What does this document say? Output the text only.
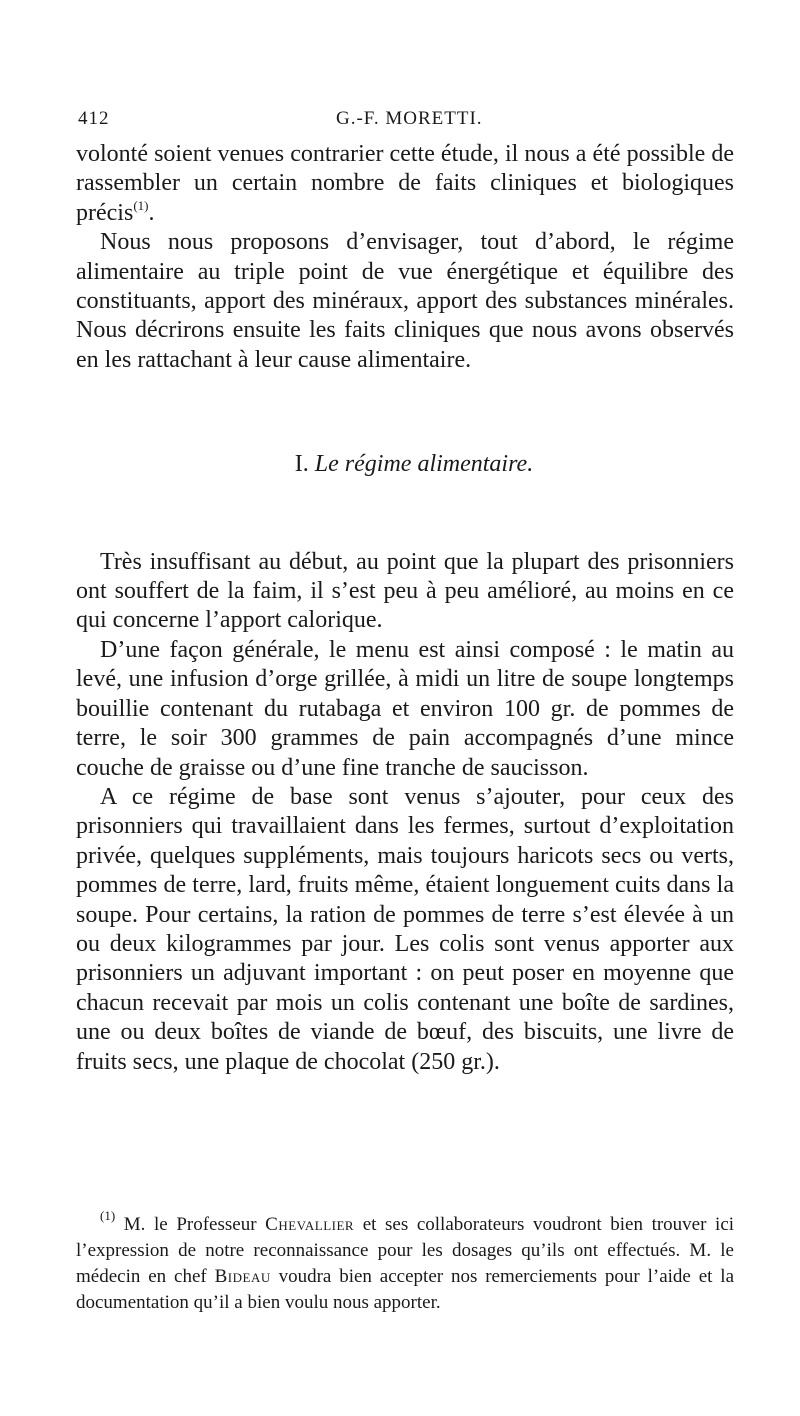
412	G.-F. MORETTI.

volonté soient venues contrarier cette étude, il nous a été possible de rassembler un certain nombre de faits cliniques et biologiques précis$^{(1)}$.

Nous nous proposons d’envisager, tout d’abord, le régime alimentaire au triple point de vue énergétique et équilibre des constituants, apport des minéraux, apport des substances minérales. Nous décrirons ensuite les faits cliniques que nous avons observés en les rattachant à leur cause alimentaire.

I. Le régime alimentaire.

Très insuffisant au début, au point que la plupart des prisonniers ont souffert de la faim, il s’est peu à peu amélioré, au moins en ce qui concerne l’apport calorique.

D’une façon générale, le menu est ainsi composé : le matin au levé, une infusion d’orge grillée, à midi un litre de soupe longtemps bouillie contenant du rutabaga et environ 100 gr. de pommes de terre, le soir 300 grammes de pain accompagnés d’une mince couche de graisse ou d’une fine tranche de saucisson.

A ce régime de base sont venus s’ajouter, pour ceux des prisonniers qui travaillaient dans les fermes, surtout d’exploitation privée, quelques suppléments, mais toujours haricots secs ou verts, pommes de terre, lard, fruits même, étaient longuement cuits dans la soupe. Pour certains, la ration de pommes de terre s’est élevée à un ou deux kilogrammes par jour. Les colis sont venus apporter aux prisonniers un adjuvant important : on peut poser en moyenne que chacun recevait par mois un colis contenant une boîte de sardines, une ou deux boîtes de viande de bœuf, des biscuits, une livre de fruits secs, une plaque de chocolat (250 gr.).

$^{(1)}$ M. le Professeur Chevallier et ses collaborateurs voudront bien trouver ici l’expression de notre reconnaissance pour les dosages qu’ils ont effectués. M. le médecin en chef Bideau voudra bien accepter nos remerciements pour l’aide et la documentation qu’il a bien voulu nous apporter.
